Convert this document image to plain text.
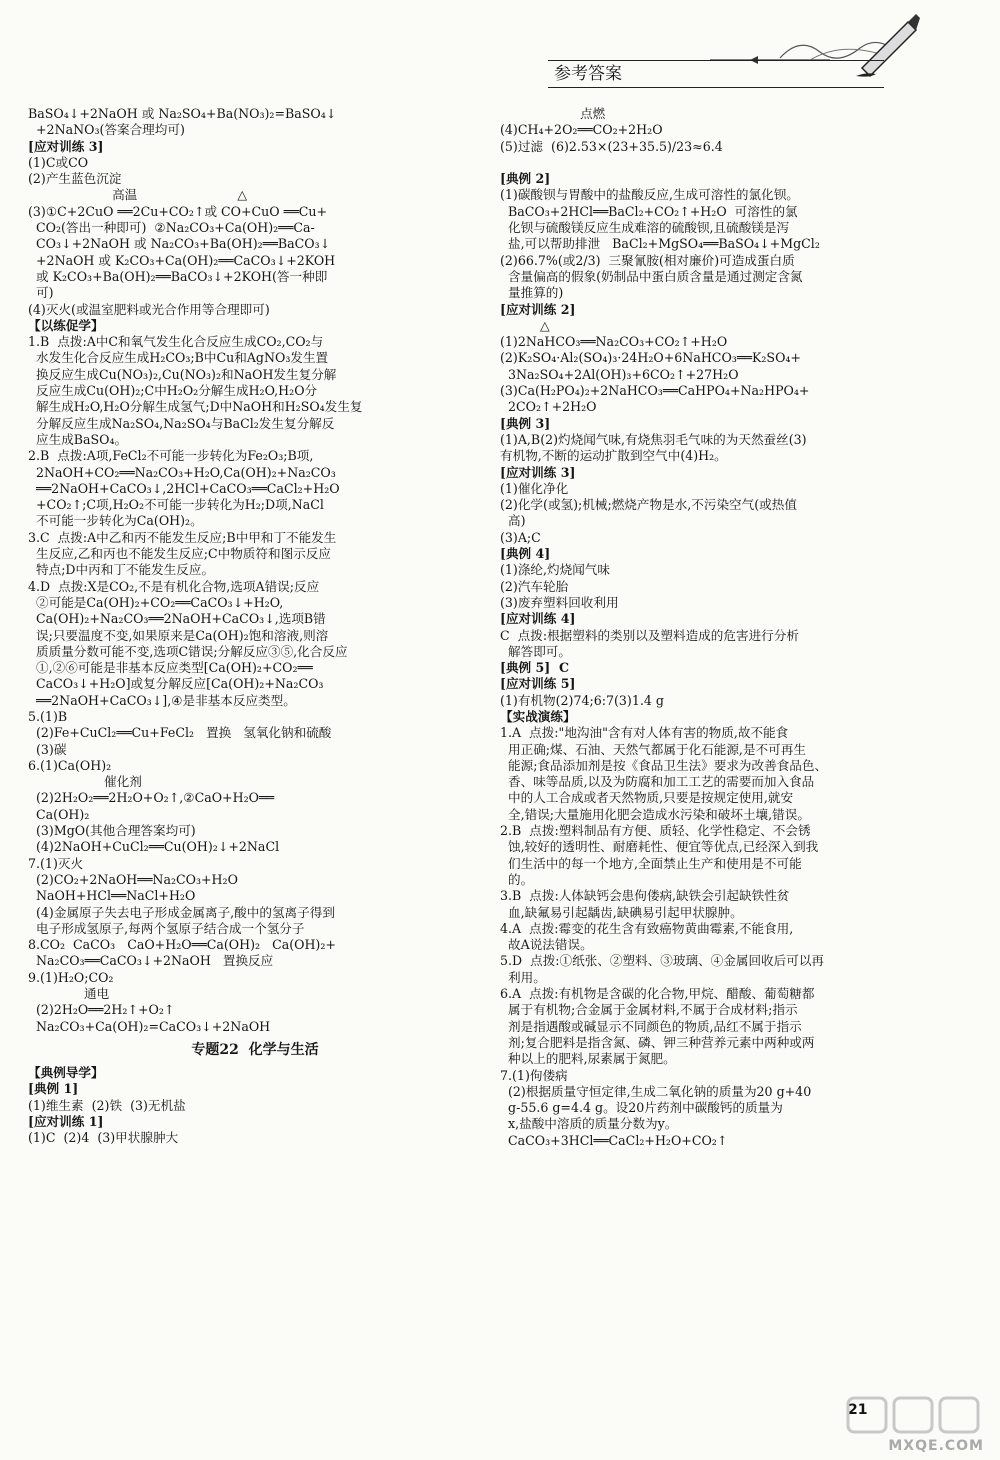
参考答案
BaSO₄↓+2NaOH 或 Na₂SO₄+Ba(NO₃)₂=BaSO₄↓
+2NaNO₃(答案合理均可)
[应对训练 3]
(1)C或CO
(2)产生蓝色沉淀
高温                         △
(3)①C+2CuO ══2Cu+CO₂↑或 CO+CuO ══Cu+
CO₂(答出一种即可)  ②Na₂CO₃+Ca(OH)₂══Ca-
CO₃↓+2NaOH 或 Na₂CO₃+Ba(OH)₂══BaCO₃↓
+2NaOH 或 K₂CO₃+Ca(OH)₂══CaCO₃↓+2KOH
或 K₂CO₃+Ba(OH)₂══BaCO₃↓+2KOH(答一种即
可)
(4)灭火(或温室肥料或光合作用等合理即可)
【以练促学】
1.B  点拨:A中C和氧气发生化合反应生成CO₂,CO₂与
水发生化合反应生成H₂CO₃;B中Cu和AgNO₃发生置
换反应生成Cu(NO₃)₂,Cu(NO₃)₂和NaOH发生复分解
反应生成Cu(OH)₂;C中H₂O₂分解生成H₂O,H₂O分
解生成H₂O,H₂O分解生成氢气;D中NaOH和H₂SO₄发生复
分解反应生成Na₂SO₄,Na₂SO₄与BaCl₂发生复分解反
应生成BaSO₄。
2.B  点拨:A项,FeCl₂不可能一步转化为Fe₂O₃;B项,
2NaOH+CO₂══Na₂CO₃+H₂O,Ca(OH)₂+Na₂CO₃
══2NaOH+CaCO₃↓,2HCl+CaCO₃══CaCl₂+H₂O
+CO₂↑;C项,H₂O₂不可能一步转化为H₂;D项,NaCl
不可能一步转化为Ca(OH)₂。
3.C  点拨:A中乙和丙不能发生反应;B中甲和丁不能发生
生反应,乙和丙也不能发生反应;C中物质符和图示反应
特点;D中丙和丁不能发生反应。
4.D  点拨:X是CO₂,不是有机化合物,选项A错误;反应
②可能是Ca(OH)₂+CO₂══CaCO₃↓+H₂O,
Ca(OH)₂+Na₂CO₃══2NaOH+CaCO₃↓,选项B错
误;只要温度不变,如果原来是Ca(OH)₂饱和溶液,则溶
质质量分数可能不变,选项C错误;分解反应③⑤,化合反应
①,②⑥可能是非基本反应类型[Ca(OH)₂+CO₂══
CaCO₃↓+H₂O]或复分解反应[Ca(OH)₂+Na₂CO₃
══2NaOH+CaCO₃↓],④是非基本反应类型。
5.(1)B
(2)Fe+CuCl₂══Cu+FeCl₂   置换   氢氧化钠和硫酸
(3)碳
6.(1)Ca(OH)₂
催化剂
(2)2H₂O₂══2H₂O+O₂↑,②CaO+H₂O══
Ca(OH)₂
(3)MgO(其他合理答案均可)
(4)2NaOH+CuCl₂══Cu(OH)₂↓+2NaCl
7.(1)灭火
(2)CO₂+2NaOH══Na₂CO₃+H₂O
NaOH+HCl══NaCl+H₂O
(4)金属原子失去电子形成金属离子,酸中的氢离子得到
电子形成氢原子,每两个氢原子结合成一个氢分子
8.CO₂  CaCO₃   CaO+H₂O══Ca(OH)₂   Ca(OH)₂+
Na₂CO₃══CaCO₃↓+2NaOH   置换反应
9.(1)H₂O;CO₂
通电
(2)2H₂O══2H₂↑+O₂↑
Na₂CO₃+Ca(OH)₂=CaCO₃↓+2NaOH
专题22  化学与生活
【典例导学】
[典例 1]
(1)维生素  (2)铁  (3)无机盐
[应对训练 1]
(1)C  (2)4  (3)甲状腺肿大
点燃
(4)CH₄+2O₂══CO₂+2H₂O
(5)过滤  (6)2.53×(23+35.5)/23≈6.4
[典例 2]
(1)碳酸钡与胃酸中的盐酸反应,生成可溶性的氯化钡。
BaCO₃+2HCl══BaCl₂+CO₂↑+H₂O  可溶性的氯
化钡与硫酸镁反应生成难溶的硫酸钡,且硫酸镁是泻
盐,可以帮助排泄   BaCl₂+MgSO₄══BaSO₄↓+MgCl₂
(2)66.7%(或2/3)  三聚氰胺(相对廉价)可造成蛋白质
含量偏高的假象(奶制品中蛋白质含量是通过测定含氮
量推算的)
[应对训练 2]
△
(1)2NaHCO₃══Na₂CO₃+CO₂↑+H₂O
(2)K₂SO₄·Al₂(SO₄)₃·24H₂O+6NaHCO₃══K₂SO₄+
3Na₂SO₄+2Al(OH)₃+6CO₂↑+27H₂O
(3)Ca(H₂PO₄)₂+2NaHCO₃══CaHPO₄+Na₂HPO₄+
2CO₂↑+2H₂O
[典例 3]
(1)A,B(2)灼烧闻气味,有烧焦羽毛气味的为天然蚕丝(3)
有机物,不断的运动扩散到空气中(4)H₂。
[应对训练 3]
(1)催化净化
(2)化学(或氢);机械;燃烧产物是水,不污染空气(或热值
高)
(3)A;C
[典例 4]
(1)涤纶,灼烧闻气味
(2)汽车轮胎
(3)废弃塑料回收利用
[应对训练 4]
C  点拨:根据塑料的类别以及塑料造成的危害进行分析
解答即可。
[典例 5]  C
[应对训练 5]
(1)有机物(2)74;6:7(3)1.4 g
【实战演练】
1.A  点拨:"地沟油"含有对人体有害的物质,故不能食
用正确;煤、石油、天然气都属于化石能源,是不可再生
能源;食品添加剂是按《食品卫生法》要求为改善食品色、
香、味等品质,以及为防腐和加工工艺的需要而加入食品
中的人工合成或者天然物质,只要是按规定使用,就安
全,错误;大量施用化肥会造成水污染和破坏土壤,错误。
2.B  点拨:塑料制品有方便、质轻、化学性稳定、不会锈
蚀,较好的透明性、耐磨耗性、便宜等优点,已经深入到我
们生活中的每一个地方,全面禁止生产和使用是不可能
的。
3.B  点拨:人体缺钙会患佝偻病,缺铁会引起缺铁性贫
血,缺氟易引起龋齿,缺碘易引起甲状腺肿。
4.A  点拨:霉变的花生含有致癌物黄曲霉素,不能食用,
故A说法错误。
5.D  点拨:①纸张、②塑料、③玻璃、④金属回收后可以再
利用。
6.A  点拨:有机物是含碳的化合物,甲烷、醋酸、葡萄糖都
属于有机物;合金属于金属材料,不属于合成材料;指示
剂是指遇酸或碱显示不同颜色的物质,品红不属于指示
剂;复合肥料是指含氮、磷、钾三种营养元素中两种或两
种以上的肥料,尿素属于氮肥。
7.(1)佝偻病
(2)根据质量守恒定律,生成二氧化钠的质量为20 g+40
g-55.6 g=4.4 g。设20片药剂中碳酸钙的质量为
x,盐酸中溶质的质量分数为y。
CaCO₃+3HCl══CaCl₂+H₂O+CO₂↑
21
MXQE.COM
